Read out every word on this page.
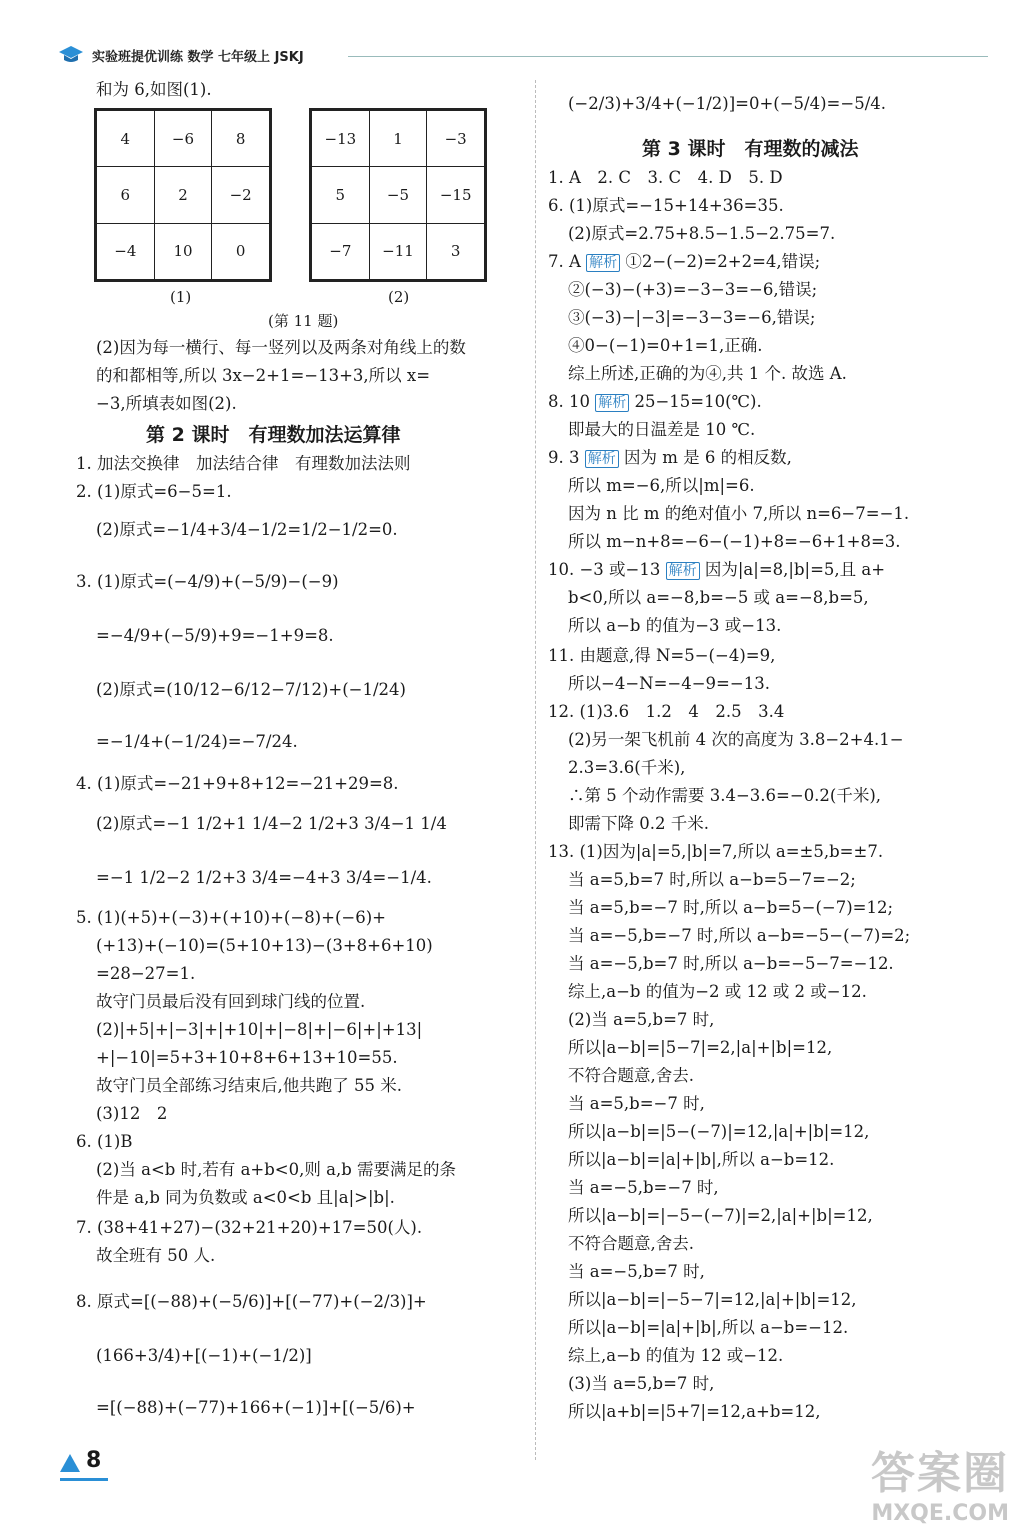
实验班提优训练 数学 七年级上 JSKJ
和为 6,如图(1).
4	−6	8
6	2	−2
−4	10	0
−13	1	−3
5	−5	−15
−7	−11	3
(1)	(2)
(第 11 题)
(2)因为每一横行、每一竖列以及两条对角线上的数
的和都相等,所以 3x−2+1=−13+3,所以 x=
−3,所填表如图(2).
第 2 课时　有理数加法运算律
1. 加法交换律　加法结合律　有理数加法法则
2. (1)原式=6−5=1.
(2)原式=−1/4+3/4−1/2=1/2−1/2=0.
3. (1)原式=(−4/9)+(−5/9)−(−9)
=−4/9+(−5/9)+9=−1+9=8.
(2)原式=(10/12−6/12−7/12)+(−1/24)
=−1/4+(−1/24)=−7/24.
4. (1)原式=−21+9+8+12=−21+29=8.
(2)原式=−1 1/2+1 1/4−2 1/2+3 3/4−1 1/4
=−1 1/2−2 1/2+3 3/4=−4+3 3/4=−1/4.
5. (1)(+5)+(−3)+(+10)+(−8)+(−6)+
(+13)+(−10)=(5+10+13)−(3+8+6+10)
=28−27=1.
故守门员最后没有回到球门线的位置.
(2)|+5|+|−3|+|+10|+|−8|+|−6|+|+13|
+|−10|=5+3+10+8+6+13+10=55.
故守门员全部练习结束后,他共跑了 55 米.
(3)12　2
6. (1)B
(2)当 a<b 时,若有 a+b<0,则 a,b 需要满足的条
件是 a,b 同为负数或 a<0<b 且|a|>|b|.
7. (38+41+27)−(32+21+20)+17=50(人).
故全班有 50 人.
8. 原式=[(−88)+(−5/6)]+[(−77)+(−2/3)]+
(166+3/4)+[(−1)+(−1/2)]
=[(−88)+(−77)+166+(−1)]+[(−5/6)+
(−2/3)+3/4+(−1/2)]=0+(−5/4)=−5/4.
第 3 课时　有理数的减法
1. A　2. C　3. C　4. D　5. D
6. (1)原式=−15+14+36=35.
(2)原式=2.75+8.5−1.5−2.75=7.
7. A 解析 ①2−(−2)=2+2=4,错误;
②(−3)−(+3)=−3−3=−6,错误;
③(−3)−|−3|=−3−3=−6,错误;
④0−(−1)=0+1=1,正确.
综上所述,正确的为④,共 1 个. 故选 A.
8. 10 解析 25−15=10(℃).
即最大的日温差是 10 ℃.
9. 3 解析 因为 m 是 6 的相反数,
所以 m=−6,所以|m|=6.
因为 n 比 m 的绝对值小 7,所以 n=6−7=−1.
所以 m−n+8=−6−(−1)+8=−6+1+8=3.
10. −3 或−13 解析 因为|a|=8,|b|=5,且 a+
b<0,所以 a=−8,b=−5 或 a=−8,b=5,
所以 a−b 的值为−3 或−13.
11. 由题意,得 N=5−(−4)=9,
所以−4−N=−4−9=−13.
12. (1)3.6　1.2　4　2.5　3.4
(2)另一架飞机前 4 次的高度为 3.8−2+4.1−
2.3=3.6(千米),
∴第 5 个动作需要 3.4−3.6=−0.2(千米),
即需下降 0.2 千米.
13. (1)因为|a|=5,|b|=7,所以 a=±5,b=±7.
当 a=5,b=7 时,所以 a−b=5−7=−2;
当 a=5,b=−7 时,所以 a−b=5−(−7)=12;
当 a=−5,b=−7 时,所以 a−b=−5−(−7)=2;
当 a=−5,b=7 时,所以 a−b=−5−7=−12.
综上,a−b 的值为−2 或 12 或 2 或−12.
(2)当 a=5,b=7 时,
所以|a−b|=|5−7|=2,|a|+|b|=12,
不符合题意,舍去.
当 a=5,b=−7 时,
所以|a−b|=|5−(−7)|=12,|a|+|b|=12,
所以|a−b|=|a|+|b|,所以 a−b=12.
当 a=−5,b=−7 时,
所以|a−b|=|−5−(−7)|=2,|a|+|b|=12,
不符合题意,舍去.
当 a=−5,b=7 时,
所以|a−b|=|−5−7|=12,|a|+|b|=12,
所以|a−b|=|a|+|b|,所以 a−b=−12.
综上,a−b 的值为 12 或−12.
(3)当 a=5,b=7 时,
所以|a+b|=|5+7|=12,a+b=12,
8	答案圈
MXQE.COM
